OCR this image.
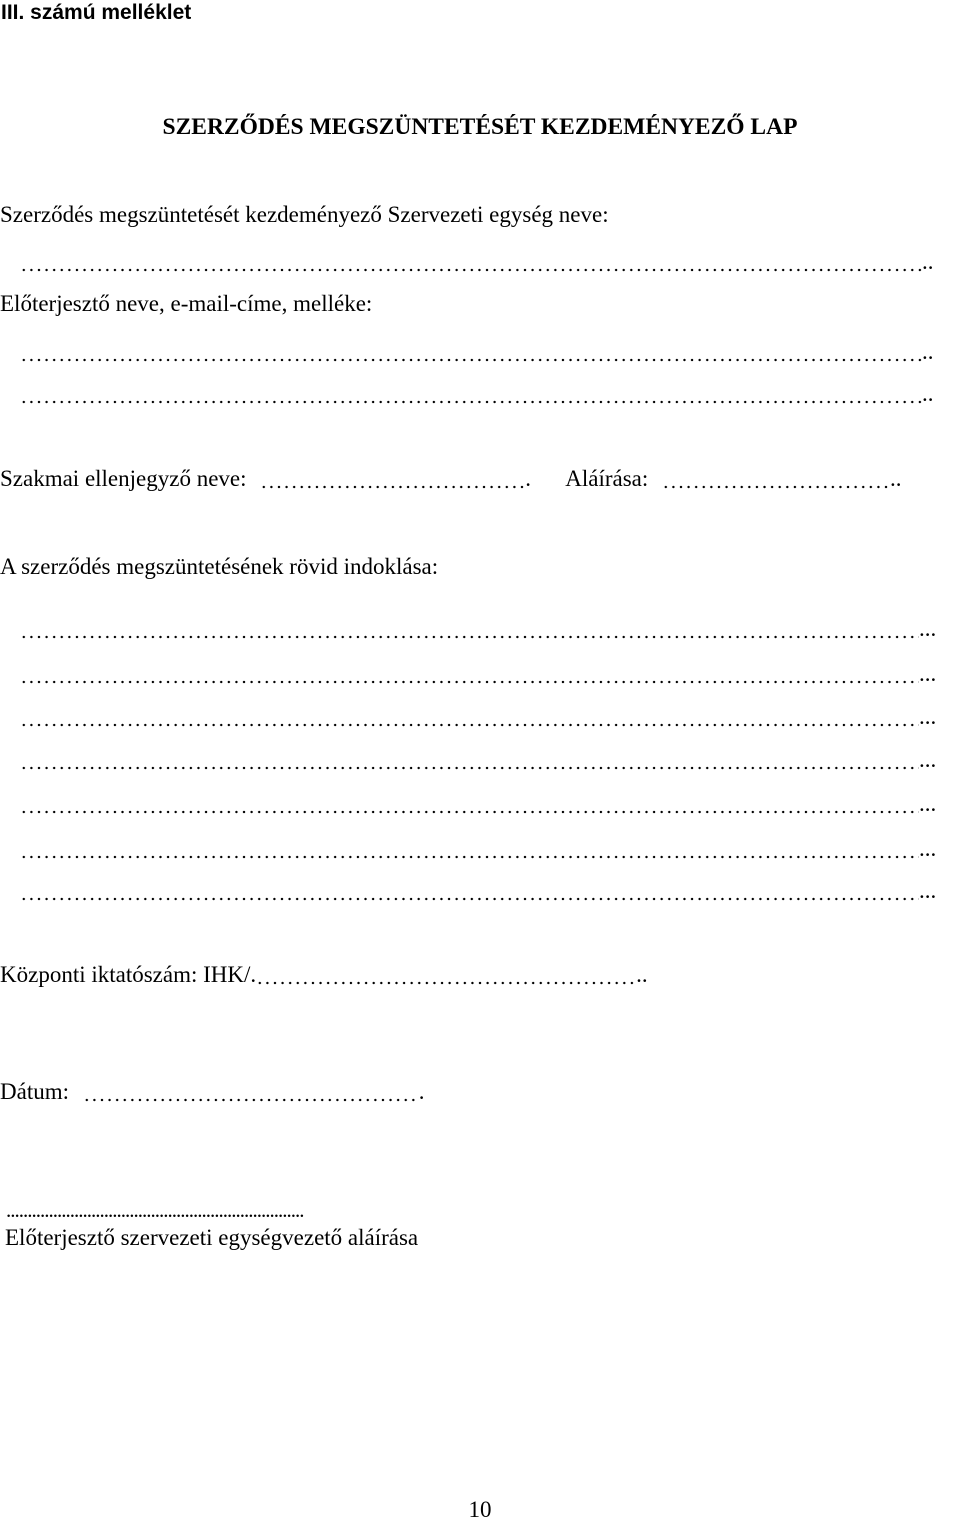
III. számú melléklet
SZERZŐDÉS MEGSZÜNTETÉSÉT KEZDEMÉNYEZŐ LAP
Szerződés megszüntetését kezdeményező Szervezeti egység neve:
..
Előterjesztő neve, e-mail-címe, melléke:
..
..
Szakmai ellenjegyző neve:	. Aláírása:	..
A szerződés megszüntetésének rövid indoklása:
...
...
...
...
...
...
...
Központi iktatószám: IHK/.	..
Dátum:	.
......................................................................
Előterjesztő szervezeti egységvezető aláírása
10
